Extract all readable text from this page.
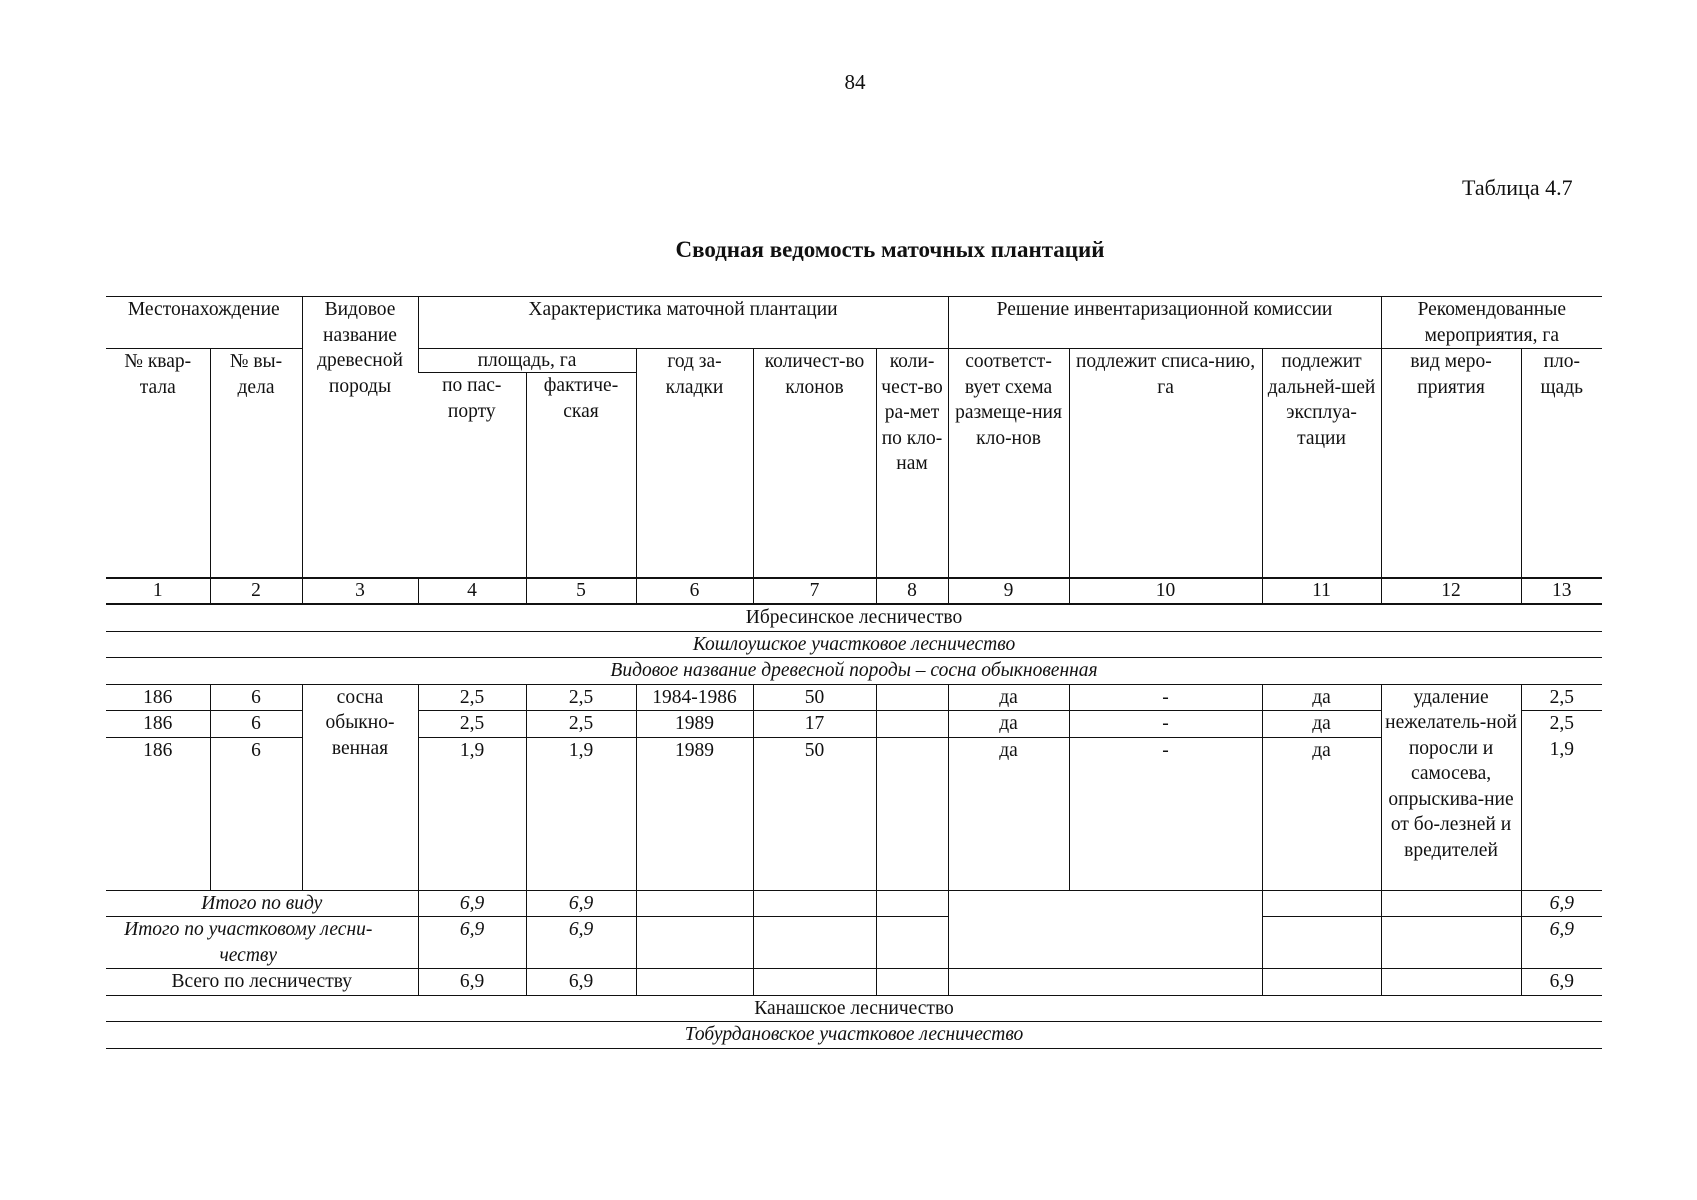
84
Таблица 4.7
Сводная ведомость маточных плантаций
Местонахождение		Видовое название древесной породы	Характеристика маточной плантации					Решение инвентаризационной комиссии			Рекомендованные мероприятия, га	
№ квар-тала	№ вы-дела		площадь, га		год за-кладки	количест-во клонов	коли-чест-во ра-мет по кло-нам	соответст-вует схема размеще-ния кло-нов	подлежит списа-нию, га	подлежит дальней-шей эксплуа-тации	вид меро-приятия	пло-щадь
			по пас-порту	фактиче-ская								
1	2	3	4	5	6	7	8	9	10	11	12	13
Ибресинское лесничество												
Кошлоушское участковое лесничество												
Видовое название древесной породы – сосна обыкновенная												
186	6	сосна обыкно-венная	2,5	2,5	1984-1986	50		да	-	да	удаление нежелатель-ной поросли и самосева, опрыскива-ние от бо-лезней и вредителей	2,5
186	6		2,5	2,5	1989	17		да	-	да		2,5
186	6		1,9	1,9	1989	50		да	-	да		1,9
Итого по виду			6,9	6,9								6,9
Итого по участковому лесни-честву			6,9	6,9								6,9
Всего по лесничеству			6,9	6,9								6,9
Канашское лесничество												
Тобурдановское участковое лесничество												
